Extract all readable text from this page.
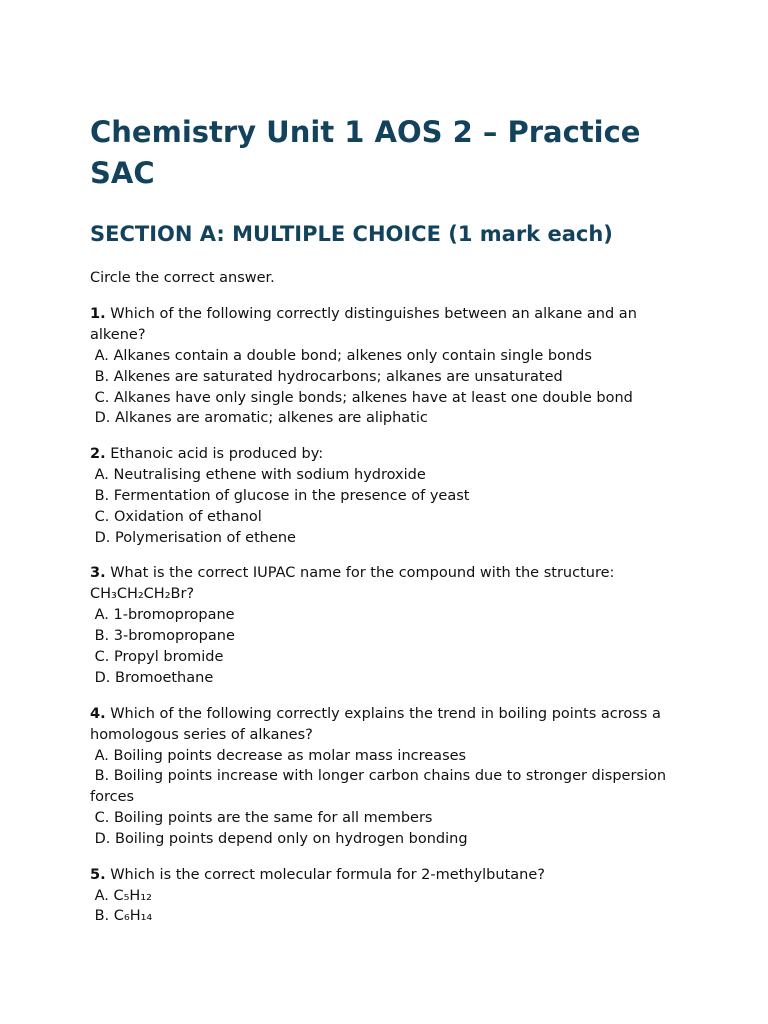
Chemistry Unit 1 AOS 2 – Practice SAC
SECTION A: MULTIPLE CHOICE (1 mark each)

Circle the correct answer.

1. Which of the following correctly distinguishes between an alkane and an alkene?

A. Alkanes contain a double bond; alkenes only contain single bonds

B. Alkenes are saturated hydrocarbons; alkanes are unsaturated

C. Alkanes have only single bonds; alkenes have at least one double bond

D. Alkanes are aromatic; alkenes are aliphatic

2. Ethanoic acid is produced by:

A. Neutralising ethene with sodium hydroxide

B. Fermentation of glucose in the presence of yeast

C. Oxidation of ethanol

D. Polymerisation of ethene

3. What is the correct IUPAC name for the compound with the structure: CH₃CH₂CH₂Br?

A. 1-bromopropane

B. 3-bromopropane

C. Propyl bromide

D. Bromoethane

4. Which of the following correctly explains the trend in boiling points across a homologous series of alkanes?

A. Boiling points decrease as molar mass increases

B. Boiling points increase with longer carbon chains due to stronger dispersion forces

C. Boiling points are the same for all members

D. Boiling points depend only on hydrogen bonding

5. Which is the correct molecular formula for 2-methylbutane?

A. C₅H₁₂

B. C₆H₁₄
